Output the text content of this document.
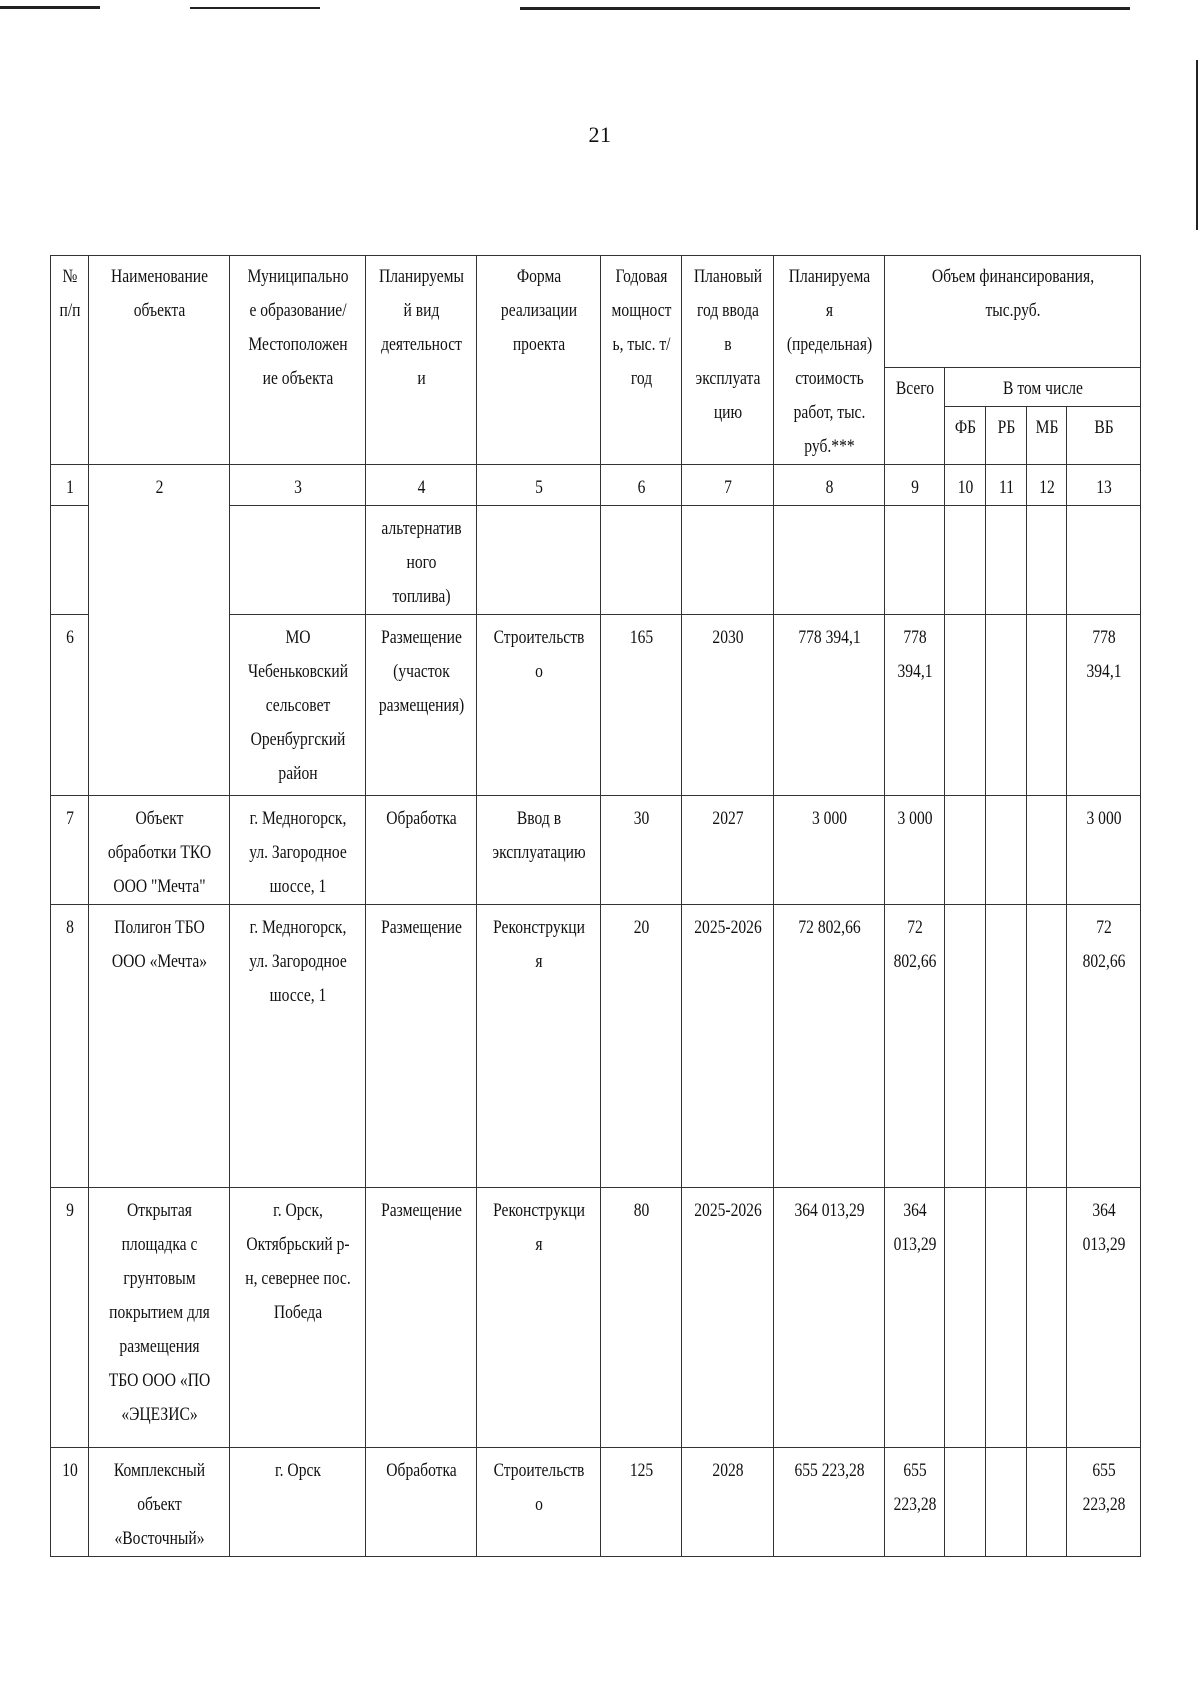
21
№ п/п	Наименование объекта	Муниципальное образование/ Местоположение объекта	Планируемый вид деятельности	Форма реализации проекта	Годовая мощность, тыс. т/год	Плановый год ввода в эксплуатацию	Планируемая (предельная) стоимость работ, тыс. руб.***	Объем финансирования, тыс.руб.				
								Всего	В том числе			
									ФБ	РБ	МБ	ВБ
1	2	3	4	5	6	7	8	9	10	11	12	13
			альтернативного топлива)									
6		МО Чебеньковский сельсовет Оренбургский район	Размещение (участок размещения)	Строительство	165	2030	778 394,1	778 394,1				778 394,1
7	Объект обработки ТКО ООО "Мечта"	г. Медногорск, ул. Загородное шоссе, 1	Обработка	Ввод в эксплуатацию	30	2027	3 000	3 000				3 000
8	Полигон ТБО ООО «Мечта»	г. Медногорск, ул. Загородное шоссе, 1	Размещение	Реконструкция	20	2025-2026	72 802,66	72 802,66				72 802,66
9	Открытая площадка с грунтовым покрытием для размещения ТБО ООО «ПО «ЭЦЕЗИС»	г. Орск, Октябрьский р-н, севернее пос. Победа	Размещение	Реконструкция	80	2025-2026	364 013,29	364 013,29				364 013,29
10	Комплексный объект «Восточный»	г. Орск	Обработка	Строительство	125	2028	655 223,28	655 223,28				655 223,28
